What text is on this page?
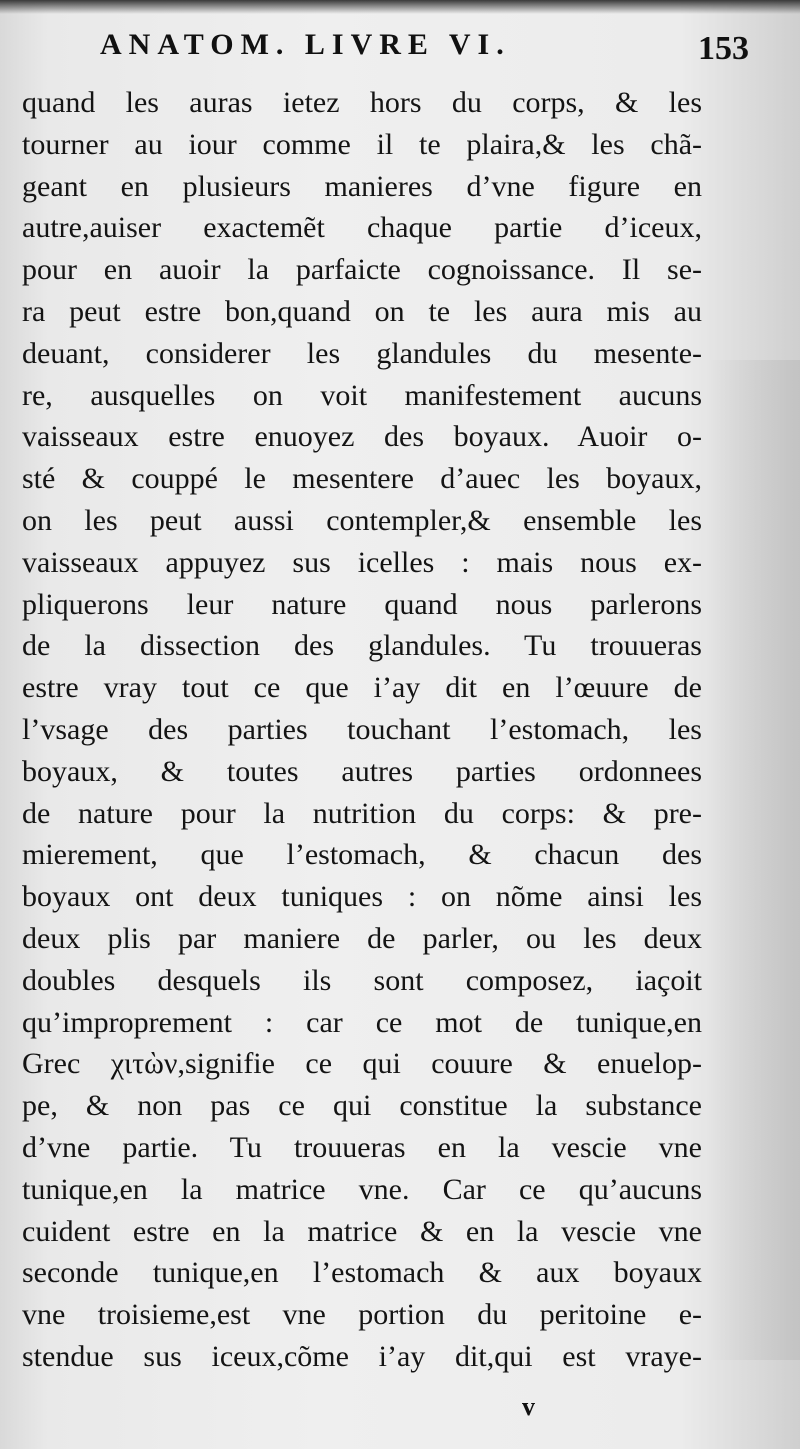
ANATOM. LIVRE VI.	153
quand les auras ietez hors du corps, & les
tourner au iour comme il te plaira,& les chã-
geant en plusieurs manieres d’vne figure en
autre,auiser exactemẽt chaque partie d’iceux,
pour en auoir la parfaicte cognoissance. Il se-
ra peut estre bon,quand on te les aura mis au
deuant, considerer les glandules du mesente-
re, ausquelles on voit manifestement aucuns
vaisseaux estre enuoyez des boyaux. Auoir o-
sté & couppé le mesentere d’auec les boyaux,
on les peut aussi contempler,& ensemble les
vaisseaux appuyez sus icelles : mais nous ex-
pliquerons leur nature quand nous parlerons
de la dissection des glandules. Tu trouueras
estre vray tout ce que i’ay dit en l’œuure de
l’vsage des parties touchant l’estomach, les
boyaux, & toutes autres parties ordonnees
de nature pour la nutrition du corps: & pre-
mierement, que l’estomach, & chacun des
boyaux ont deux tuniques : on nõme ainsi les
deux plis par maniere de parler, ou les deux
doubles desquels ils sont composez, iaçoit
qu’improprement : car ce mot de tunique,en
Grec χιτὼν,signifie ce qui couure & enuelop-
pe, & non pas ce qui constitue la substance
d’vne partie. Tu trouueras en la vescie vne
tunique,en la matrice vne. Car ce qu’aucuns
cuident estre en la matrice & en la vescie vne
seconde tunique,en l’estomach & aux boyaux
vne troisieme,est vne portion du peritoine e-
stendue sus iceux,cõme i’ay dit,qui est vraye-
v
